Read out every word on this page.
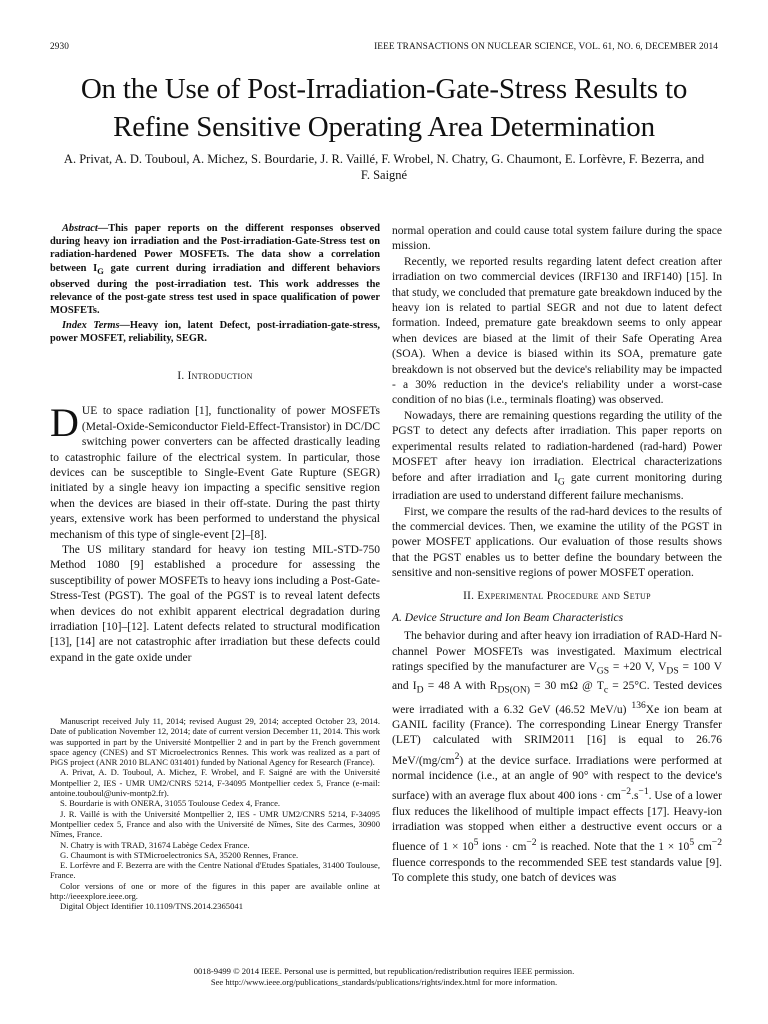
2930	IEEE TRANSACTIONS ON NUCLEAR SCIENCE, VOL. 61, NO. 6, DECEMBER 2014
On the Use of Post-Irradiation-Gate-Stress Results to Refine Sensitive Operating Area Determination
A. Privat, A. D. Touboul, A. Michez, S. Bourdarie, J. R. Vaillé, F. Wrobel, N. Chatry, G. Chaumont, E. Lorfèvre, F. Bezerra, and F. Saigné
Abstract—This paper reports on the different responses observed during heavy ion irradiation and the Post-irradiation-Gate-Stress test on radiation-hardened Power MOSFETs. The data show a correlation between $I_G$ gate current during irradiation and different behaviors observed during the post-irradiation test. This work addresses the relevance of the post-gate stress test used in space qualification of power MOSFETs.
Index Terms—Heavy ion, latent Defect, post-irradiation-gate-stress, power MOSFET, reliability, SEGR.
I. Introduction

DUE to space radiation [1], functionality of power MOSFETs (Metal-Oxide-Semiconductor Field-Effect-Transistor) in DC/DC switching power converters can be affected drastically leading to catastrophic failure of the electrical system. In particular, those devices can be susceptible to Single-Event Gate Rupture (SEGR) initiated by a single heavy ion impacting a specific sensitive region when the devices are biased in their off-state. During the past thirty years, extensive work has been performed to understand the physical mechanism of this type of single-event [2]–[8].

The US military standard for heavy ion testing MIL-STD-750 Method 1080 [9] established a procedure for assessing the susceptibility of power MOSFETs to heavy ions including a Post-Gate-Stress-Test (PGST). The goal of the PGST is to reveal latent defects when devices do not exhibit apparent electrical degradation during irradiation [10]–[12]. Latent defects related to structural modification [13], [14] are not catastrophic after irradiation but these defects could expand in the gate oxide under

Manuscript received July 11, 2014; revised August 29, 2014; accepted October 23, 2014. Date of publication November 12, 2014; date of current version December 11, 2014. This work was supported in part by the Université Montpellier 2 and in part by the French government space agency (CNES) and ST Microelectronics Rennes. This work was realized as a part of PiGS project (ANR 2010 BLANC 031401) funded by National Agency for Research (France).

A. Privat, A. D. Touboul, A. Michez, F. Wrobel, and F. Saigné are with the Université Montpellier 2, IES - UMR UM2/CNRS 5214, F-34095 Montpellier cedex 5, France (e-mail: antoine.touboul@univ-montp2.fr).

S. Bourdarie is with ONERA, 31055 Toulouse Cedex 4, France.

J. R. Vaillé is with the Université Montpellier 2, IES - UMR UM2/CNRS 5214, F-34095 Montpellier cedex 5, France and also with the Université de Nîmes, Site des Carmes, 30900 Nîmes, France.

N. Chatry is with TRAD, 31674 Labège Cedex France.

G. Chaumont is with STMicroelectronics SA, 35200 Rennes, France.

E. Lorfèvre and F. Bezerra are with the Centre National d'Etudes Spatiales, 31400 Toulouse, France.

Color versions of one or more of the figures in this paper are available online at http://ieeexplore.ieee.org.

Digital Object Identifier 10.1109/TNS.2014.2365041

normal operation and could cause total system failure during the space mission.

Recently, we reported results regarding latent defect creation after irradiation on two commercial devices (IRF130 and IRF140) [15]. In that study, we concluded that premature gate breakdown induced by the heavy ion is related to partial SEGR and not due to latent defect formation. Indeed, premature gate breakdown seems to only appear when devices are biased at the limit of their Safe Operating Area (SOA). When a device is biased within its SOA, premature gate breakdown is not observed but the device's reliability may be impacted - a 30% reduction in the device's reliability under a worst-case condition of no bias (i.e., terminals floating) was observed.

Nowadays, there are remaining questions regarding the utility of the PGST to detect any defects after irradiation. This paper reports on experimental results related to radiation-hardened (rad-hard) Power MOSFET after heavy ion irradiation. Electrical characterizations before and after irradiation and $I_G$ gate current monitoring during irradiation are used to understand different failure mechanisms.

First, we compare the results of the rad-hard devices to the results of the commercial devices. Then, we examine the utility of the PGST in power MOSFET applications. Our evaluation of those results shows that the PGST enables us to better define the boundary between the sensitive and non-sensitive regions of power MOSFET operation.

II. Experimental Procedure and Setup
A. Device Structure and Ion Beam Characteristics

The behavior during and after heavy ion irradiation of RAD-Hard N-channel Power MOSFETs was investigated. Maximum electrical ratings specified by the manufacturer are $V_{GS} = +20$ V, $V_{DS} = 100$ V and $I_D = 48$ A with $R_{DS(ON)} = 30$ mΩ @ $T_c = 25^\circ C$. Tested devices were irradiated with a 6.32 GeV (46.52 MeV/u) $^{136}$Xe ion beam at GANIL facility (France). The corresponding Linear Energy Transfer (LET) calculated with SRIM2011 [16] is equal to 26.76 MeV/$(mg/cm^2)$ at the device surface. Irradiations were performed at normal incidence (i.e., at an angle of 90° with respect to the device's surface) with an average flux about 400 ions · $cm^{-2}.s^{-1}$. Use of a lower flux reduces the likelihood of multiple impact effects [17]. Heavy-ion irradiation was stopped when either a destructive event occurs or a fluence of $1 \times 10^5$ ions · $cm^{-2}$ is reached. Note that the $1 \times 10^5$ $cm^{-2}$ fluence corresponds to the recommended SEE test standards value [9]. To complete this study, one batch of devices was

0018-9499 © 2014 IEEE. Personal use is permitted, but republication/redistribution requires IEEE permission.
See http://www.ieee.org/publications_standards/publications/rights/index.html for more information.
